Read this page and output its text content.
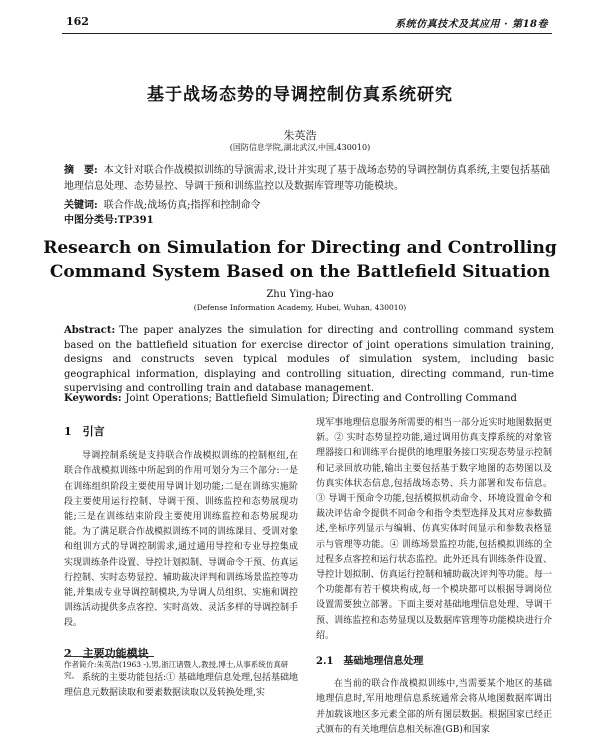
162	系统仿真技术及其应用 · 第18卷
基于战场态势的导调控制仿真系统研究
朱英浩
(国防信息学院,湖北武汉,中国,430010)
摘　要: 本文针对联合作战模拟训练的导演需求,设计并实现了基于战场态势的导调控制仿真系统,主要包括基础地理信息处理、态势显控、导调干预和训练监控以及数据库管理等功能模块。
关键词: 联合作战;战场仿真;指挥和控制命令
中图分类号:TP391
Research on Simulation for Directing and Controlling
Command System Based on the Battlefield Situation
Zhu Ying-hao
(Defense Information Academy, Hubei, Wuhan, 430010)
Abstract: The paper analyzes the simulation for directing and controlling command system based on the battlefield situation for exercise director of joint operations simulation training, designs and constructs seven typical modules of simulation system, including basic geographical information, displaying and controlling situation, directing command, run-time supervising and controlling train and database management.
Keywords: Joint Operations; Battlefield Simulation; Directing and Controlling Command
1　引言

导调控制系统是支持联合作战模拟训练的控制枢纽,在联合作战模拟训练中所起到的作用可划分为三个部分:一是在训练组织阶段主要使用导调计划功能;二是在训练实施阶段主要使用运行控制、导调干预、训练监控和态势展现功能;三是在训练结束阶段主要使用训练监控和态势展现功能。为了满足联合作战模拟训练不同的训练课目、受训对象和组训方式的导调控制需求,通过通用导控和专业导控集成实现训练条件设置、导控计划拟制、导调命令干预、仿真运行控制、实时态势显控、辅助裁决评判和训练场景监控等功能,并集成专业导调控制模块,为导调人员组织、实施和调控训练活动提供多点客控、实时高效、灵活多样的导调控制手段。

2　主要功能模块

系统的主要功能包括:① 基础地理信息处理,包括基础地理信息元数据读取和要素数据读取以及转换处理,实

现军事地理信息服务所需要的相当一部分近实时地图数据更新。② 实时态势显控功能,通过调用仿真支撑系统的对象管理器接口和训练平台提供的地理服务接口实现态势显示控制和记录回放功能,输出主要包括基于数字地图的态势图以及仿真实体状态信息,包括战场态势、兵力部署和发布信息。③ 导调干预命令功能,包括模拟机动命令、环境设置命令和裁决评估命令提供不同命令和指令类型选择及其对应参数描述,坐标序列显示与编辑、仿真实体时间显示和参数表格显示与管理等功能。④ 训练场景监控功能,包括模拟训练的全过程多点客控和运行状态监控。此外还具有训练条件设置、导控计划拟制、仿真运行控制和辅助裁决评判等功能。每一个功能都有若干模块构成,每一个模块都可以根据导调岗位设置需要独立部署。下面主要对基础地理信息处理、导调干预、训练监控和态势显现以及数据库管理等功能模块进行介绍。

2.1　基础地理信息处理

在当前的联合作战模拟训练中,当需要某个地区的基础地理信息时,军用地理信息系统通常会将从地图数据库调出并加载该地区多元素全部的所有图层数据。根据国家已经正式颁布的有关地理信息相关标准(GB)和国家

作者简介:朱英浩(1963 -),男,浙江诸暨人,教授,博士,从事系统仿真研究。
